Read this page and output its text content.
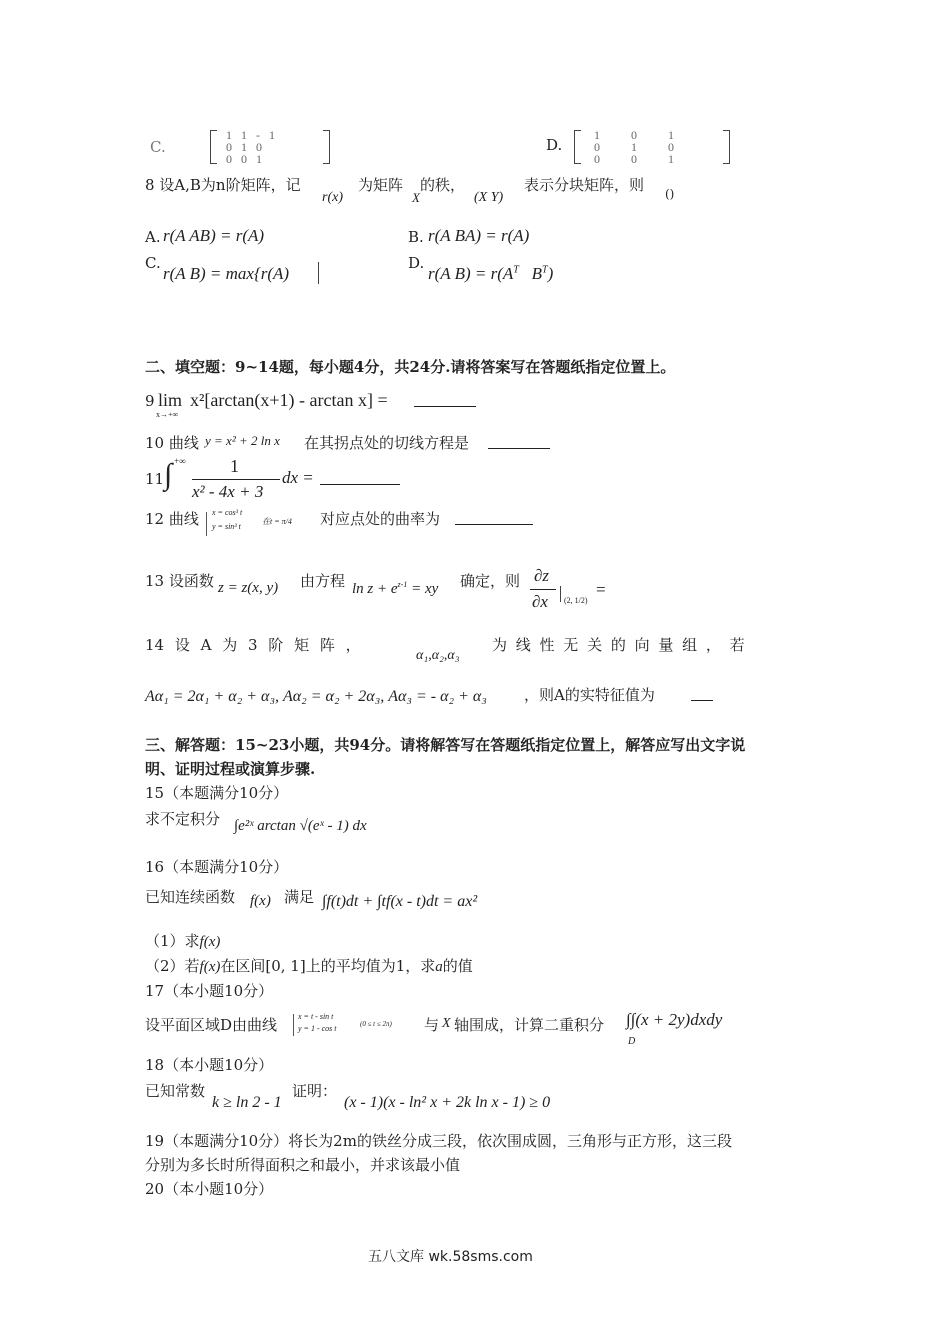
C.
1 1 - 1
0 1 0
0 0 1
D.
1 0 1
0 1 0
0 0 1
8 设A,B为n阶矩阵，记
r(x)
为矩阵
X
的秩，
(X Y)
表示分块矩阵，则 ()
A. r(A AB) = r(A)	B. r(A BA) = r(A)
C.
r(A B) = max{r(A)
D.
r(A $B) = r(A^T$ $B^T$)
二、填空题：9~14题，每小题4分，共24分.请将答案写在答题纸指定位置上。
9 lim
x→+∞
x²[arctan(x+1) - arctan x] =
10 曲线 y = x² + 2 ln x 在其拐点处的切线方程是
11 ∫ +∞ 1
x² - 4x + 3
dx =
12 曲线 x = cos³ t
y = sin³ t
在t = π/4 对应点处的曲率为
13 设函数 z = z(x, y) 由方程 $\ln z + e^{z-1}$ = xy 确定，则 ∂z
∂x (2, 1/2)
=
14 设 A 为 3 阶 矩 阵 ，
α₁,α₂,α₃
为 线 性 无 关 的 向 量 组 ， 若
Aα₁ = 2α₁ + α₂ + α₃, Aα₂ = α₂ + 2α₃, Aα₃ = - α₂ + α₃ ，则A的实特征值为
三、解答题：15~23小题，共94分。请将解答写在答题纸指定位置上，解答应写出文字说
明、证明过程或演算步骤.
15（本题满分10分）
求不定积分 ∫e²ˣ arctan √(eˣ - 1) dx
16（本题满分10分）
已知连续函数 f(x) 满足 ∫f(t)dt + ∫tf(x - t)dt = ax²
（1）求f(x)
（2）若f(x)在区间[0, 1]上的平均值为1，求a的值
17（本小题10分）
设平面区域D由曲线	x = t - sin t
y = 1 - cos t	(0 ≤ t ≤ 2π) 与 X 轴围成，计算二重积分 ∫∫(x + 2y)dxdy
D
18（本小题10分）
已知常数
k ≥ ln 2 - 1
证明：
(x - 1)(x - ln² x + 2k ln x - 1) ≥ 0
19（本题满分10分）将长为2m的铁丝分成三段，依次围成圆，三角形与正方形，这三段
分别为多长时所得面积之和最小，并求该最小值
20（本小题10分）
五八文库 wk.58sms.com
